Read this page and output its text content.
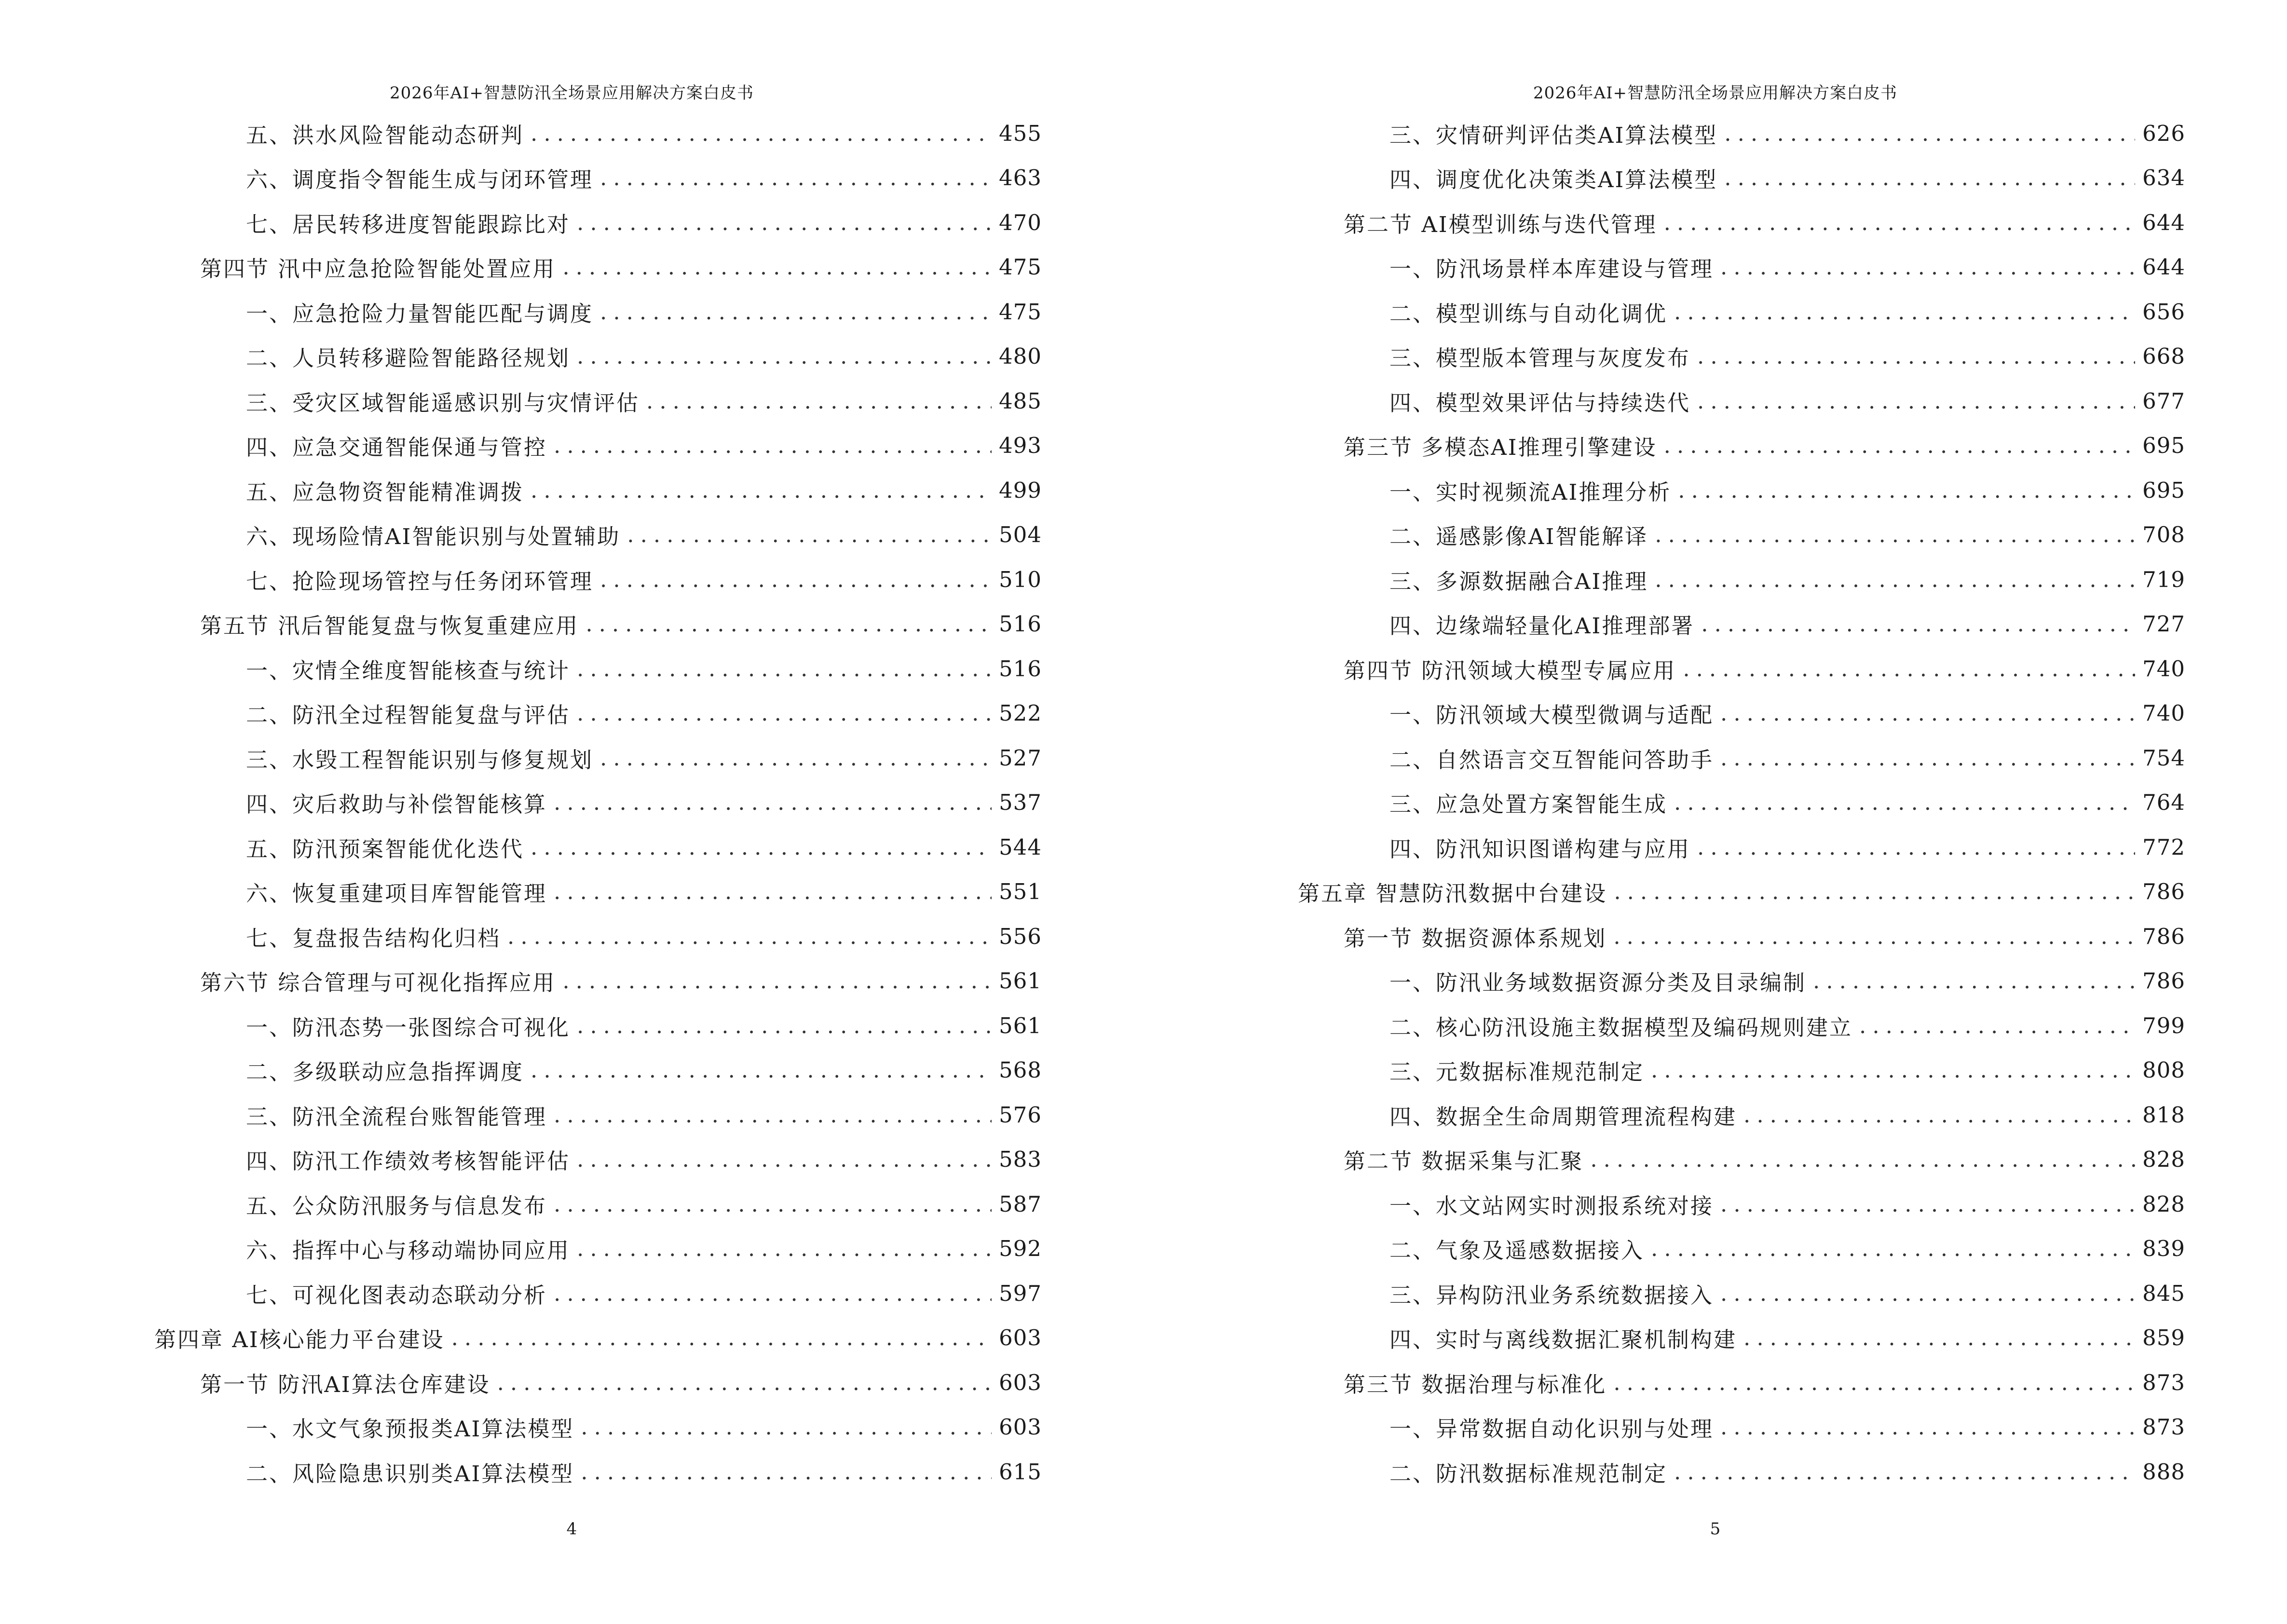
2026年AI+智慧防汛全场景应用解决方案白皮书
五、洪水风险智能动态研判 .....	455
六、调度指令智能生成与闭环管理 .....	463
七、居民转移进度智能跟踪比对 .....	470
第四节 汛中应急抢险智能处置应用 .....	475
一、应急抢险力量智能匹配与调度 .....	475
二、人员转移避险智能路径规划 .....	480
三、受灾区域智能遥感识别与灾情评估 .....	485
四、应急交通智能保通与管控 .....	493
五、应急物资智能精准调拨 .....	499
六、现场险情AI智能识别与处置辅助 .....	504
七、抢险现场管控与任务闭环管理 .....	510
第五节 汛后智能复盘与恢复重建应用 .....	516
一、灾情全维度智能核查与统计 .....	516
二、防汛全过程智能复盘与评估 .....	522
三、水毁工程智能识别与修复规划 .....	527
四、灾后救助与补偿智能核算 .....	537
五、防汛预案智能优化迭代 .....	544
六、恢复重建项目库智能管理 .....	551
七、复盘报告结构化归档 .....	556
第六节 综合管理与可视化指挥应用 .....	561
一、防汛态势一张图综合可视化 .....	561
二、多级联动应急指挥调度 .....	568
三、防汛全流程台账智能管理 .....	576
四、防汛工作绩效考核智能评估 .....	583
五、公众防汛服务与信息发布 .....	587
六、指挥中心与移动端协同应用 .....	592
七、可视化图表动态联动分析 .....	597
第四章 AI核心能力平台建设 .....	603
第一节 防汛AI算法仓库建设 .....	603
一、水文气象预报类AI算法模型 .....	603
二、风险隐患识别类AI算法模型 .....	615
4
2026年AI+智慧防汛全场景应用解决方案白皮书
三、灾情研判评估类AI算法模型 .....	626
四、调度优化决策类AI算法模型 .....	634
第二节 AI模型训练与迭代管理 .....	644
一、防汛场景样本库建设与管理 .....	644
二、模型训练与自动化调优 .....	656
三、模型版本管理与灰度发布 .....	668
四、模型效果评估与持续迭代 .....	677
第三节 多模态AI推理引擎建设 .....	695
一、实时视频流AI推理分析 .....	695
二、遥感影像AI智能解译 .....	708
三、多源数据融合AI推理 .....	719
四、边缘端轻量化AI推理部署 .....	727
第四节 防汛领域大模型专属应用 .....	740
一、防汛领域大模型微调与适配 .....	740
二、自然语言交互智能问答助手 .....	754
三、应急处置方案智能生成 .....	764
四、防汛知识图谱构建与应用 .....	772
第五章 智慧防汛数据中台建设 .....	786
第一节 数据资源体系规划 .....	786
一、防汛业务域数据资源分类及目录编制 .....	786
二、核心防汛设施主数据模型及编码规则建立 .....	799
三、元数据标准规范制定 .....	808
四、数据全生命周期管理流程构建 .....	818
第二节 数据采集与汇聚 .....	828
一、水文站网实时测报系统对接 .....	828
二、气象及遥感数据接入 .....	839
三、异构防汛业务系统数据接入 .....	845
四、实时与离线数据汇聚机制构建 .....	859
第三节 数据治理与标准化 .....	873
一、异常数据自动化识别与处理 .....	873
二、防汛数据标准规范制定 .....	888
5
